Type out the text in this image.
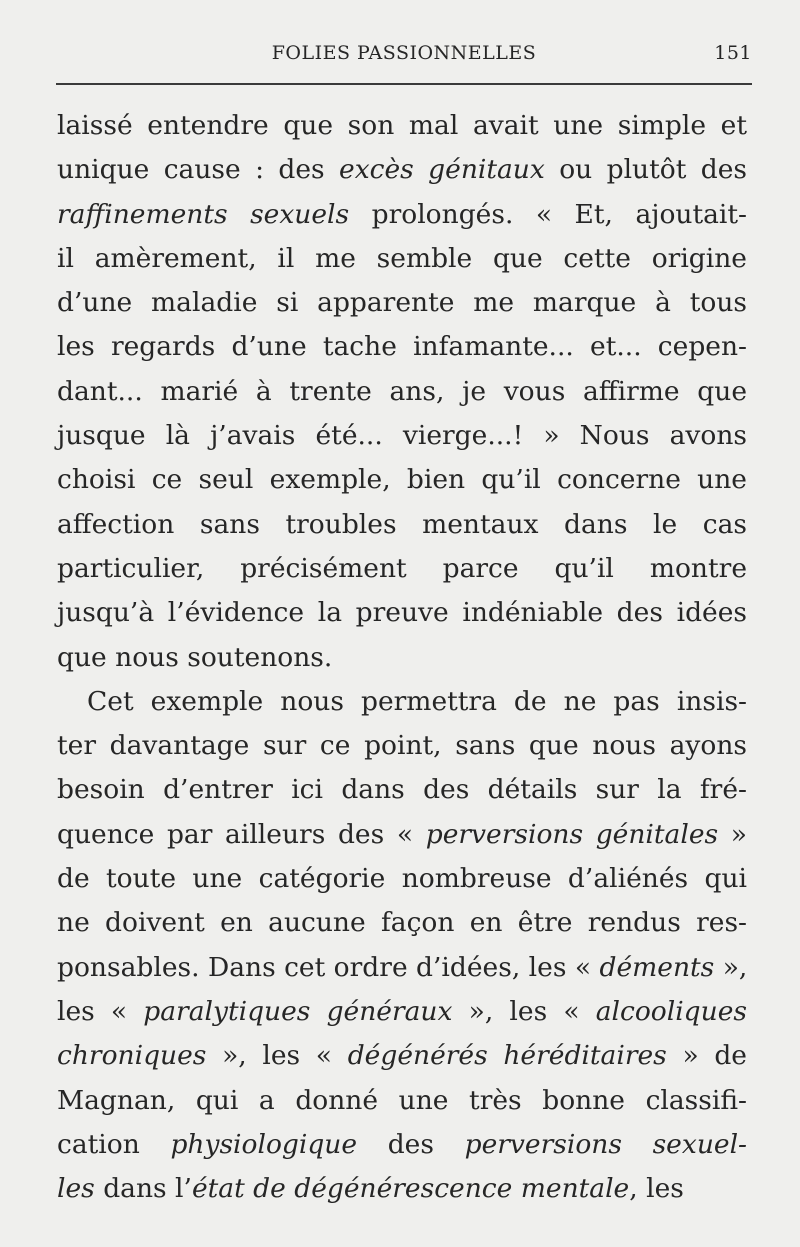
FOLIES PASSIONNELLES	151
laissé entendre que son mal avait une simple et
unique cause : des excès génitaux ou plutôt des
raffinements sexuels prolongés. « Et, ajoutait-
il amèrement, il me semble que cette origine
d’une maladie si apparente me marque à tous
les regards d’une tache infamante... et... cepen-
dant... marié à trente ans, je vous affirme que
jusque là j’avais été... vierge...! » Nous avons
choisi ce seul exemple, bien qu’il concerne une
affection sans troubles mentaux dans le cas
particulier, précisément parce qu’il montre
jusqu’à l’évidence la preuve indéniable des idées
que nous soutenons.
Cet exemple nous permettra de ne pas insis-
ter davantage sur ce point, sans que nous ayons
besoin d’entrer ici dans des détails sur la fré-
quence par ailleurs des « perversions génitales »
de toute une catégorie nombreuse d’aliénés qui
ne doivent en aucune façon en être rendus res-
ponsables. Dans cet ordre d’idées, les « déments »,
les « paralytiques généraux », les « alcooliques
chroniques », les « dégénérés héréditaires » de
Magnan, qui a donné une très bonne classifi-
cation physiologique des perversions sexuel-
les dans l’état de dégénérescence mentale, les
